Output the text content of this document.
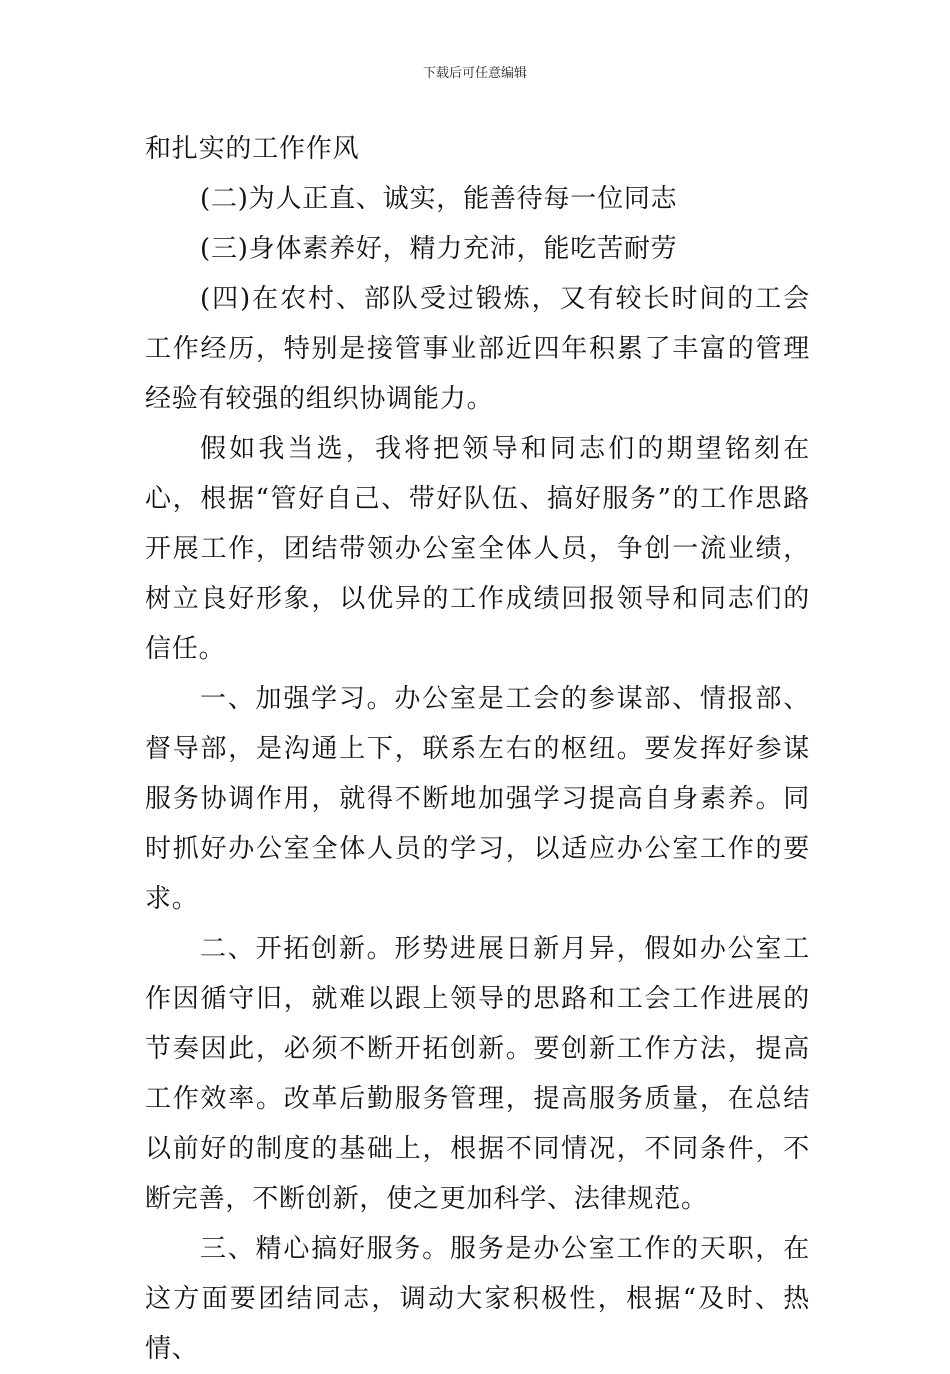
下载后可任意编辑

和扎实的工作作风

(二)为人正直、诚实，能善待每一位同志

(三)身体素养好，精力充沛，能吃苦耐劳

(四)在农村、部队受过锻炼，又有较长时间的工会工作经历，特别是接管事业部近四年积累了丰富的管理经验有较强的组织协调能力。

假如我当选，我将把领导和同志们的期望铭刻在心，根据“管好自己、带好队伍、搞好服务”的工作思路开展工作，团结带领办公室全体人员，争创一流业绩，树立良好形象，以优异的工作成绩回报领导和同志们的信任。

一、加强学习。办公室是工会的参谋部、情报部、督导部，是沟通上下，联系左右的枢纽。要发挥好参谋服务协调作用，就得不断地加强学习提高自身素养。同时抓好办公室全体人员的学习，以适应办公室工作的要求。

二、开拓创新。形势进展日新月异，假如办公室工作因循守旧，就难以跟上领导的思路和工会工作进展的节奏因此，必须不断开拓创新。要创新工作方法，提高工作效率。改革后勤服务管理，提高服务质量，在总结以前好的制度的基础上，根据不同情况，不同条件，不断完善，不断创新，使之更加科学、法律规范。

三、精心搞好服务。服务是办公室工作的天职，在这方面要团结同志，调动大家积极性，根据“及时、热情、
